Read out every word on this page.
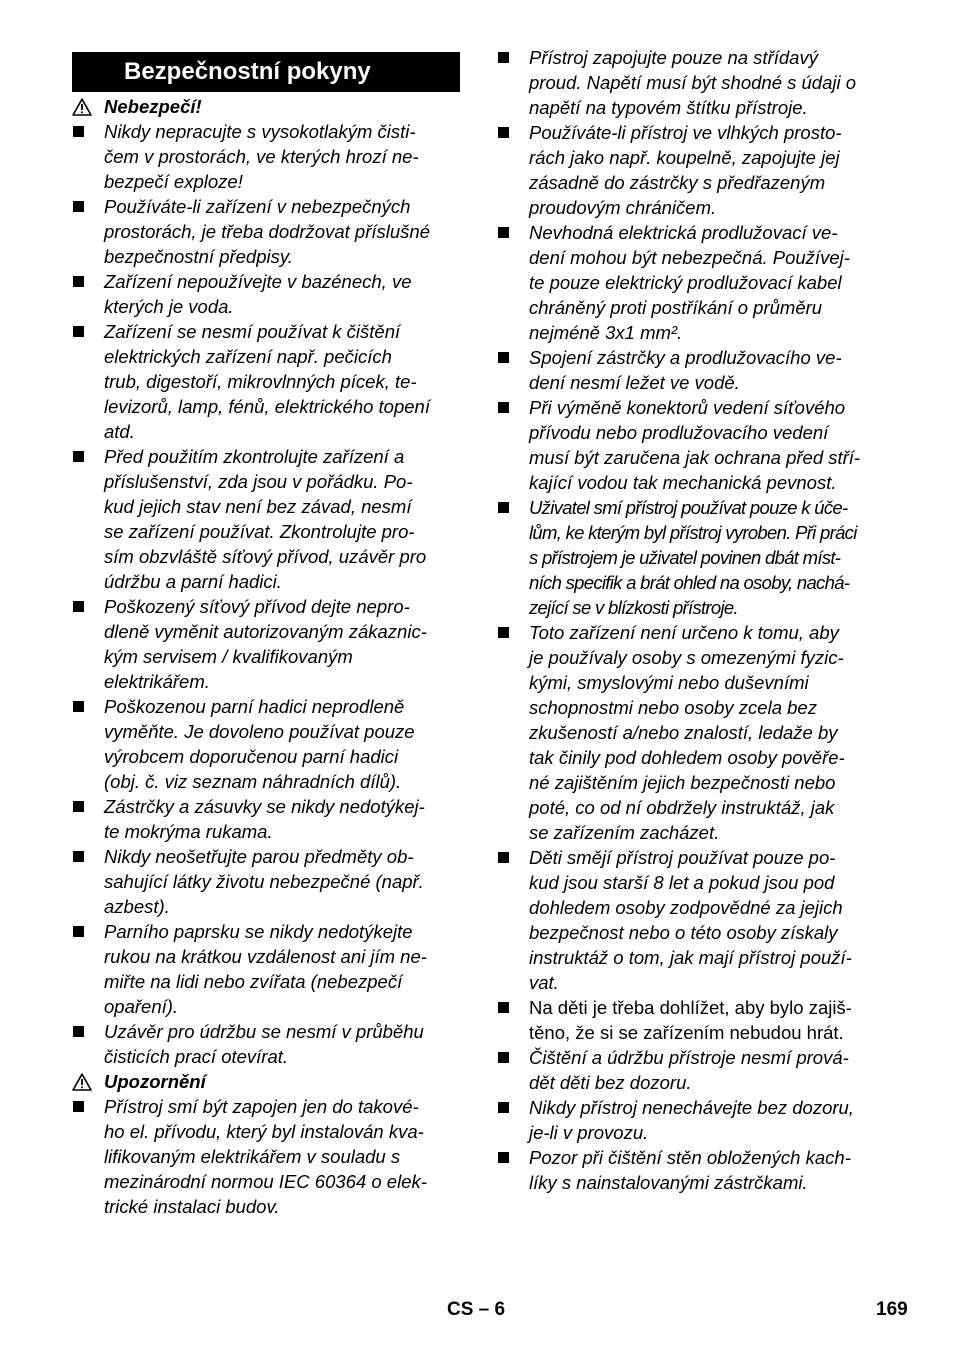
Bezpečnostní pokyny
Nebezpečí!
Nikdy nepracujte s vysokotlakým čisti-
čem v prostorách, ve kterých hrozí ne-
bezpečí exploze!
Používáte-li zařízení v nebezpečných
prostorách, je třeba dodržovat příslušné
bezpečnostní předpisy.
Zařízení nepoužívejte v bazénech, ve
kterých je voda.
Zařízení se nesmí používat k čištění
elektrických zařízení např. pečicích
trub, digestoří, mikrovlnných pícek, te-
levizorů, lamp, fénů, elektrického topení
atd.
Před použitím zkontrolujte zařízení a
příslušenství, zda jsou v pořádku. Po-
kud jejich stav není bez závad, nesmí
se zařízení používat. Zkontrolujte pro-
sím obzvláště síťový přívod, uzávěr pro
údržbu a parní hadici.
Poškozený síťový přívod dejte nepro-
dleně vyměnit autorizovaným zákaznic-
kým servisem / kvalifikovaným
elektrikářem.
Poškozenou parní hadici neprodleně
vyměňte. Je dovoleno používat pouze
výrobcem doporučenou parní hadici
(obj. č. viz seznam náhradních dílů).
Zástrčky a zásuvky se nikdy nedotýkej-
te mokrýma rukama.
Nikdy neošetřujte parou předměty ob-
sahující látky životu nebezpečné (např.
azbest).
Parního paprsku se nikdy nedotýkejte
rukou na krátkou vzdálenost ani jím ne-
miřte na lidi nebo zvířata (nebezpečí
opaření).
Uzávěr pro údržbu se nesmí v průběhu
čisticích prací otevírat.
Upozornění
Přístroj smí být zapojen jen do takové-
ho el. přívodu, který byl instalován kva-
lifikovaným elektrikářem v souladu s
mezinárodní normou IEC 60364 o elek-
trické instalaci budov.
Přístroj zapojujte pouze na střídavý
proud. Napětí musí být shodné s údaji o
napětí na typovém štítku přístroje.
Používáte-li přístroj ve vlhkých prosto-
rách jako např. koupelně, zapojujte jej
zásadně do zástrčky s předřazeným
proudovým chráničem.
Nevhodná elektrická prodlužovací ve-
dení mohou být nebezpečná. Používej-
te pouze elektrický prodlužovací kabel
chráněný proti postříkání o průměru
nejméně 3x1 mm².
Spojení zástrčky a prodlužovacího ve-
dení nesmí ležet ve vodě.
Při výměně konektorů vedení síťového
přívodu nebo prodlužovacího vedení
musí být zaručena jak ochrana před stří-
kající vodou tak mechanická pevnost.
Uživatel smí přístroj používat pouze k úče-
lům, ke kterým byl přístroj vyroben. Při práci
s přístrojem je uživatel povinen dbát míst-
ních specifik a brát ohled na osoby, nachá-
zející se v blízkosti přístroje.
Toto zařízení není určeno k tomu, aby
je používaly osoby s omezenými fyzic-
kými, smyslovými nebo duševními
schopnostmi nebo osoby zcela bez
zkušeností a/nebo znalostí, ledaže by
tak činily pod dohledem osoby pověře-
né zajištěním jejich bezpečnosti nebo
poté, co od ní obdržely instruktáž, jak
se zařízením zacházet.
Děti smějí přístroj používat pouze po-
kud jsou starší 8 let a pokud jsou pod
dohledem osoby zodpovědné za jejich
bezpečnost nebo o této osoby získaly
instruktáž o tom, jak mají přístroj použí-
vat.
Na děti je třeba dohlížet, aby bylo zajiš-
těno, že si se zařízením nebudou hrát.
Čištění a údržbu přístroje nesmí prová-
dět děti bez dozoru.
Nikdy přístroj nenechávejte bez dozoru,
je-li v provozu.
Pozor při čištění stěn obložených kach-
líky s nainstalovanými zástrčkami.
CS – 6	169
